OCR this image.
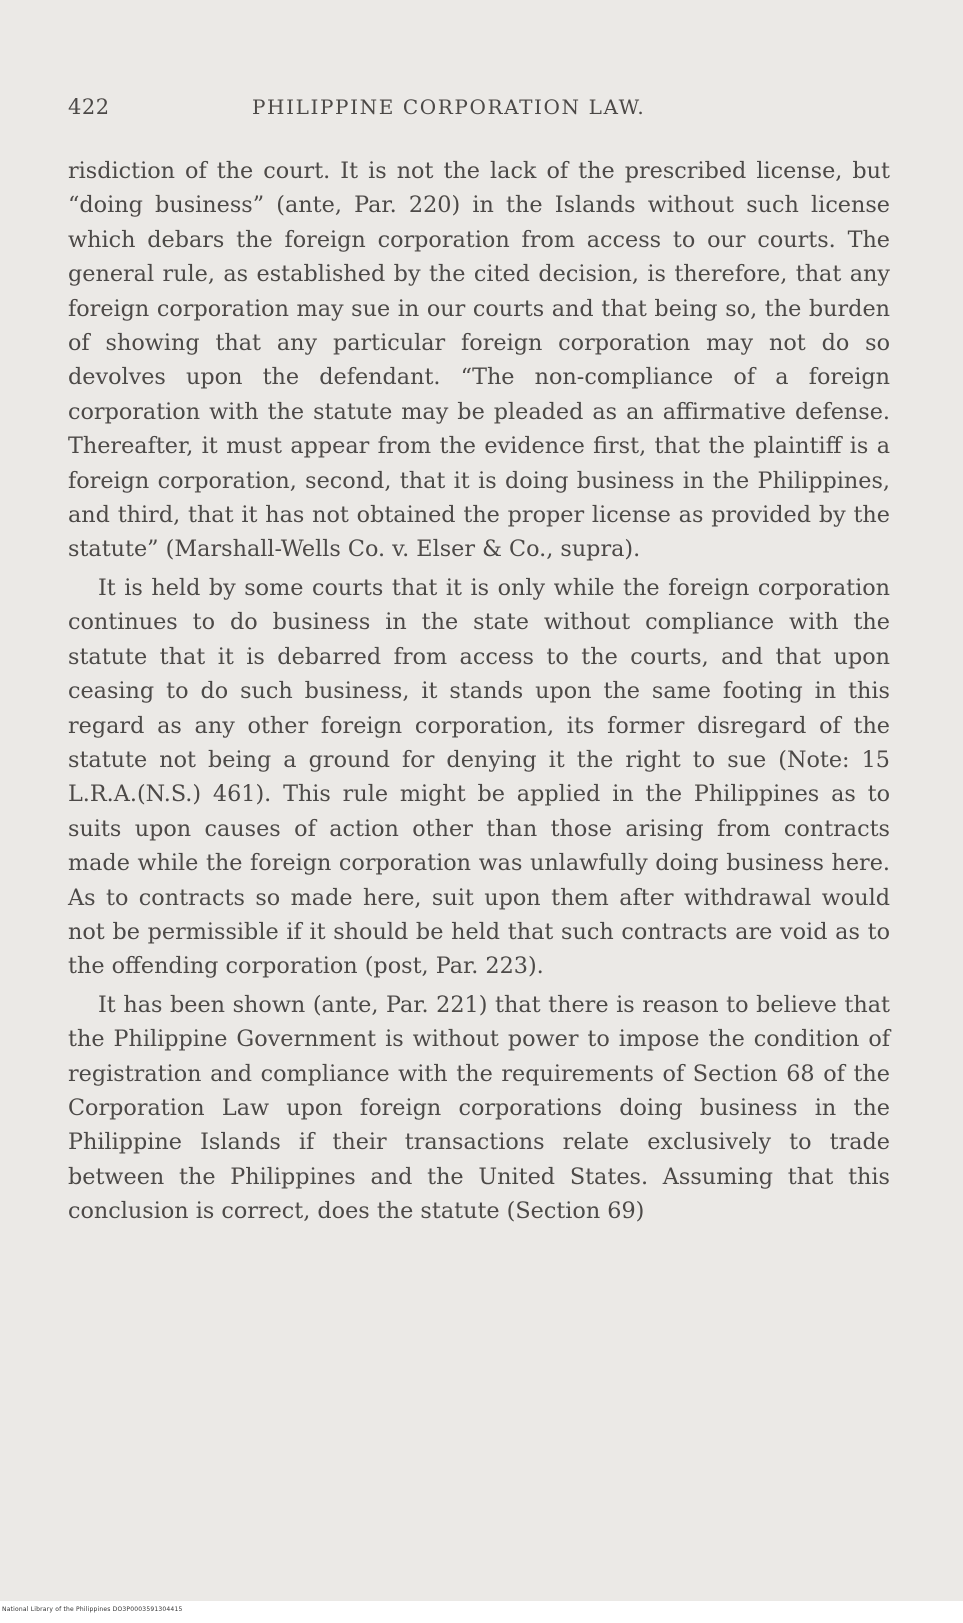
422	PHILIPPINE CORPORATION LAW.

risdiction of the court. It is not the lack of the prescribed license, but “doing business” (ante, Par. 220) in the Islands without such license which debars the foreign corporation from access to our courts. The general rule, as established by the cited decision, is therefore, that any foreign corporation may sue in our courts and that being so, the burden of showing that any particular foreign corporation may not do so devolves upon the defendant. “The non-compliance of a foreign corporation with the statute may be pleaded as an affirmative defense. Thereafter, it must appear from the evidence first, that the plaintiff is a foreign corporation, second, that it is doing business in the Philippines, and third, that it has not obtained the proper license as provided by the statute” (Marshall-Wells Co. v. Elser & Co., supra).

It is held by some courts that it is only while the foreign corporation continues to do business in the state without compliance with the statute that it is debarred from access to the courts, and that upon ceasing to do such business, it stands upon the same footing in this regard as any other foreign corporation, its former disregard of the statute not being a ground for denying it the right to sue (Note: 15 L.R.A.(N.S.) 461). This rule might be applied in the Philippines as to suits upon causes of action other than those arising from contracts made while the foreign corporation was unlawfully doing business here. As to contracts so made here, suit upon them after withdrawal would not be permissible if it should be held that such contracts are void as to the offending corporation (post, Par. 223).

It has been shown (ante, Par. 221) that there is reason to believe that the Philippine Government is without power to impose the condition of registration and compliance with the requirements of Section 68 of the Corporation Law upon foreign corporations doing business in the Philippine Islands if their transactions relate exclusively to trade between the Philippines and the United States. Assuming that this conclusion is correct, does the statute (Section 69)

National Library of the Philippines DO3P0003591304415
